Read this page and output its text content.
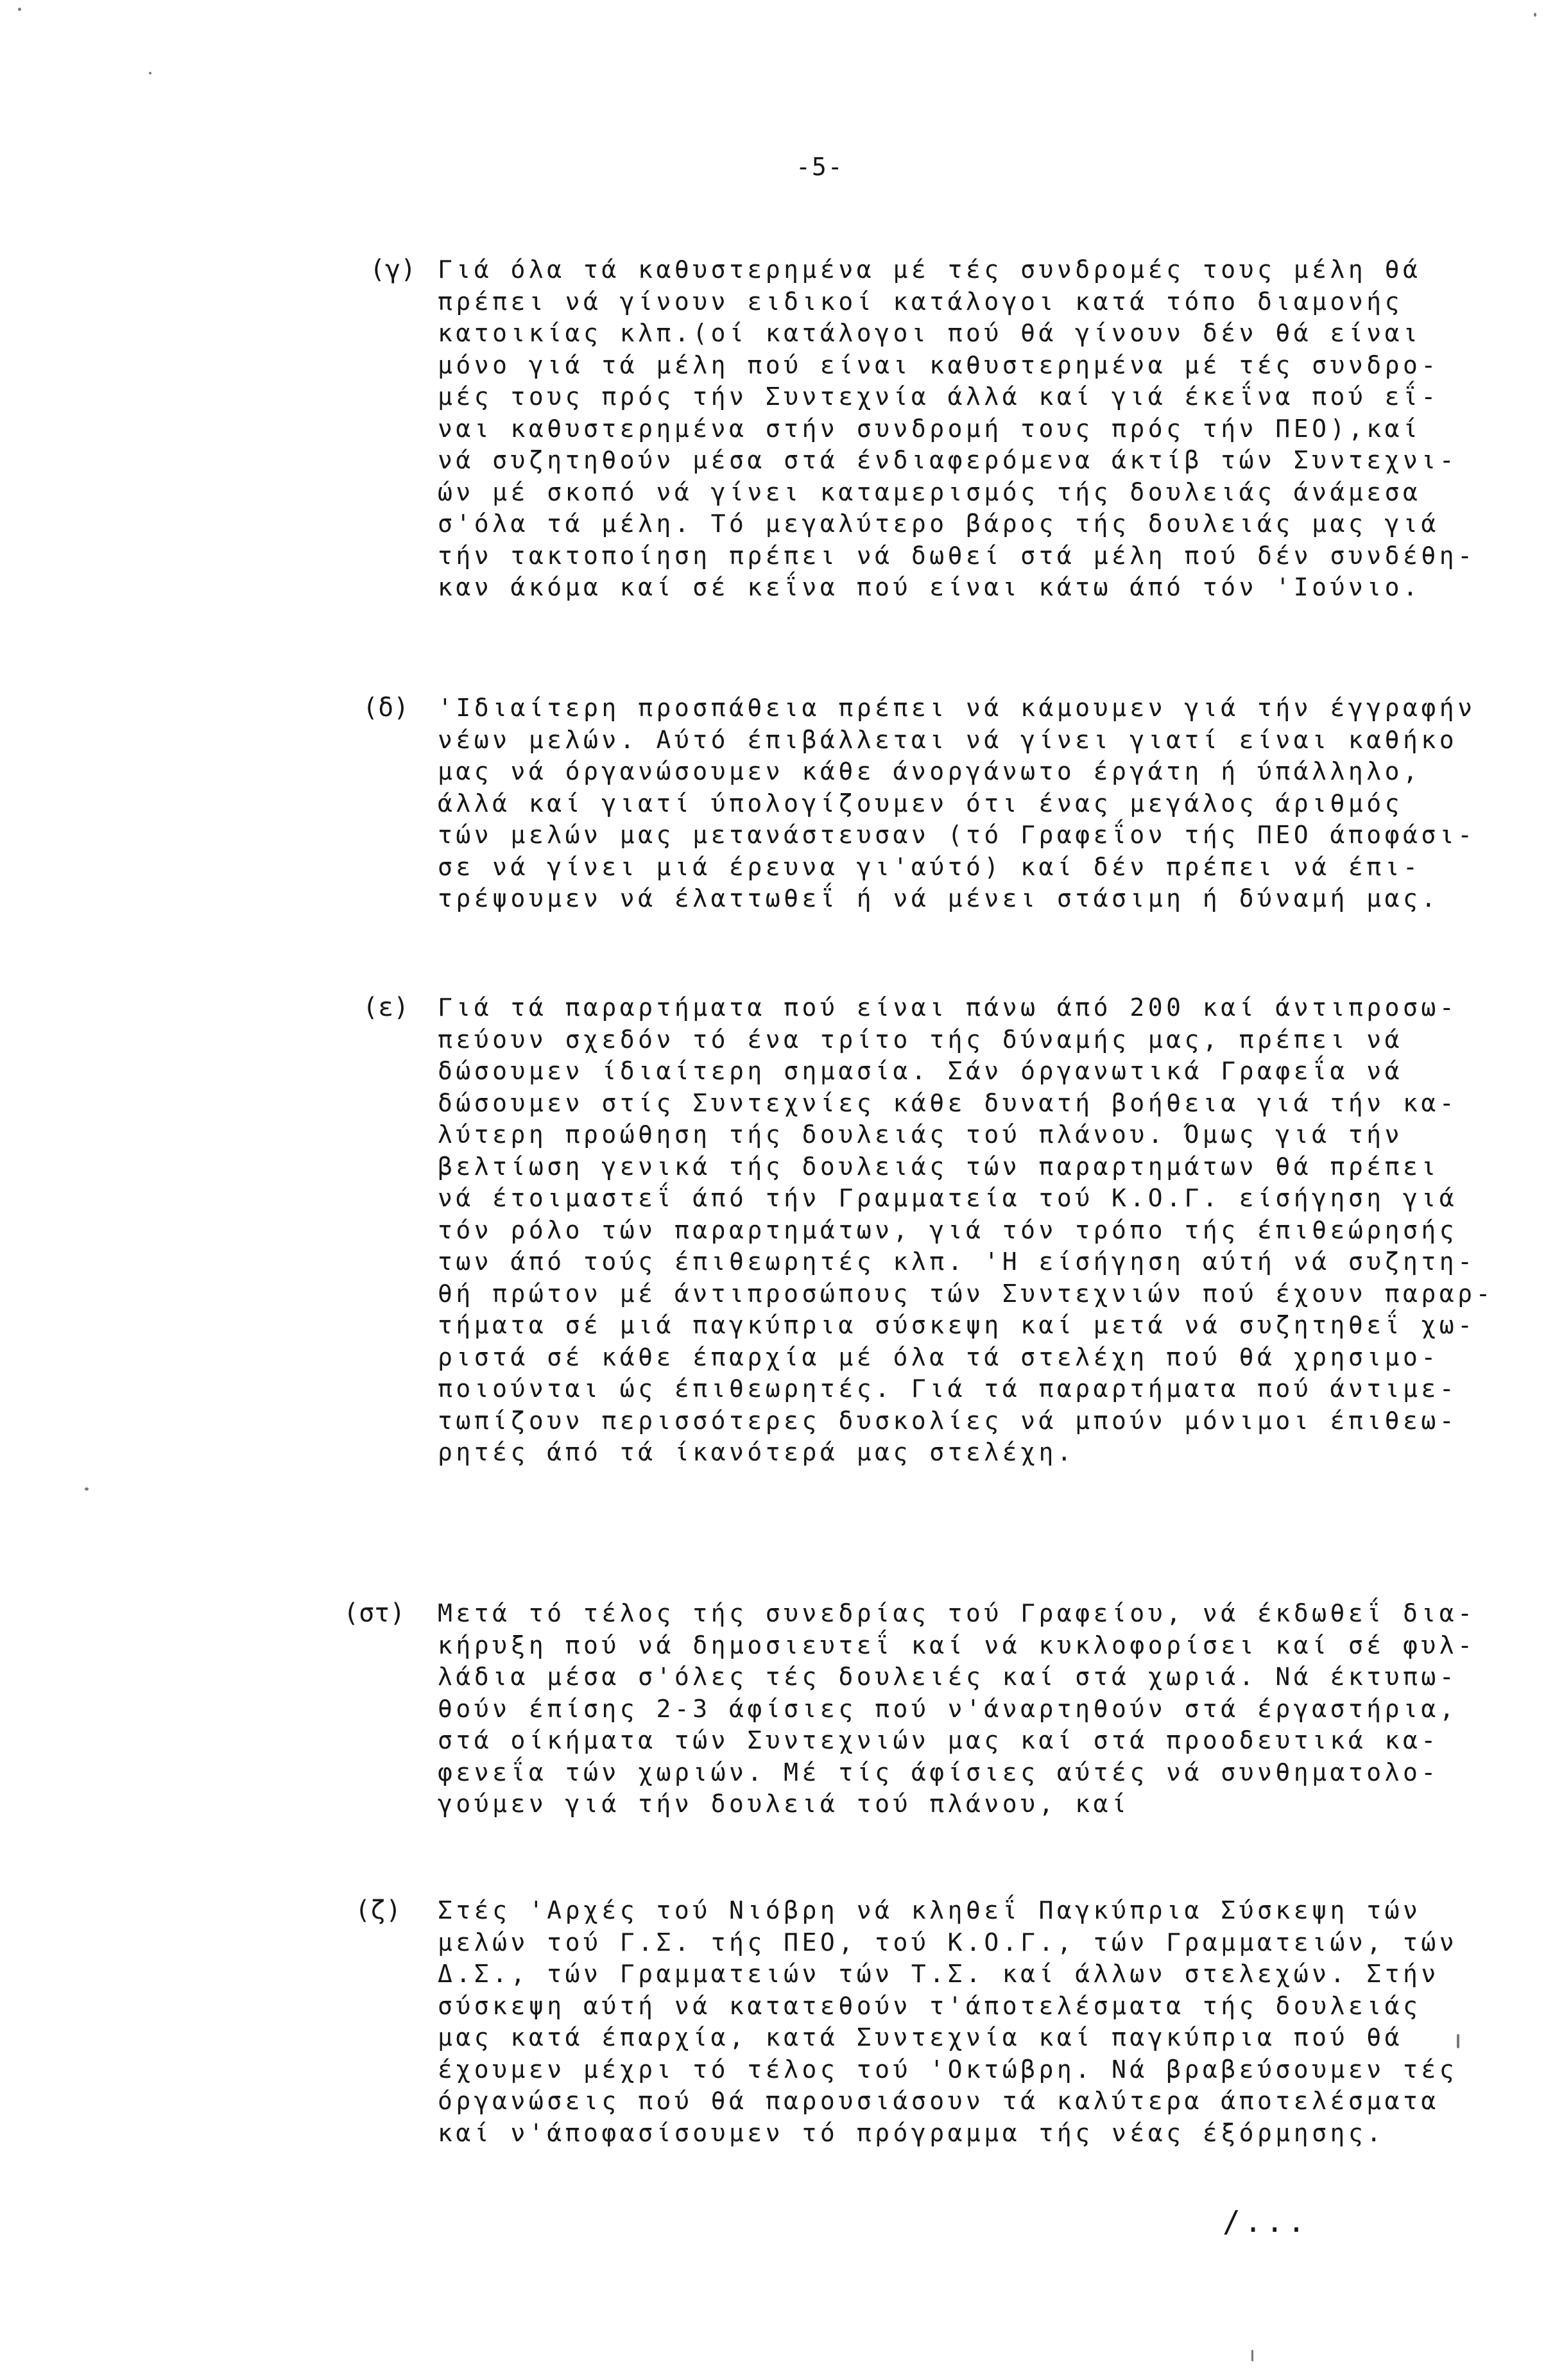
-5-
(γ) Γιά όλα τά καθυστερημένα μέ τές συνδρομές τους μέλη θά
πρέπει νά γίνουν ειδικοί κατάλογοι κατά τόπο διαμονής
κατοικίας κλπ.(οί κατάλογοι πού θά γίνουν δέν θά είναι
μόνο γιά τά μέλη πού είναι καθυστερημένα μέ τές συνδρο-
μές τους πρός τήν Συντεχνία άλλά καί γιά έκεΐνα πού εΐ-
ναι καθυστερημένα στήν συνδρομή τους πρός τήν ΠΕΟ),καί
νά συζητηθούν μέσα στά ένδιαφερόμενα άκτίβ τών Συντεχνι-
ών μέ σκοπό νά γίνει καταμερισμός τής δουλειάς άνάμεσα
σ'όλα τά μέλη. Τό μεγαλύτερο βάρος τής δουλειάς μας γιά
τήν τακτοποίηση πρέπει νά δωθεί στά μέλη πού δέν συνδέθη-
καν άκόμα καί σέ κεΐνα πού είναι κάτω άπό τόν 'Ιούνιο.
(δ) 'Ιδιαίτερη προσπάθεια πρέπει νά κάμουμεν γιά τήν έγγραφήν
νέων μελών. Αύτό έπιβάλλεται νά γίνει γιατί είναι καθήκο
μας νά όργανώσουμεν κάθε άνοργάνωτο έργάτη ή ύπάλληλο,
άλλά καί γιατί ύπολογίζουμεν ότι ένας μεγάλος άριθμός
τών μελών μας μετανάστευσαν (τό Γραφεΐον τής ΠΕΟ άποφάσι-
σε νά γίνει μιά έρευνα γι'αύτό) καί δέν πρέπει νά έπι-
τρέψουμεν νά έλαττωθεΐ ή νά μένει στάσιμη ή δύναμή μας.
(ε) Γιά τά παραρτήματα πού είναι πάνω άπό 200 καί άντιπροσω-
πεύουν σχεδόν τό ένα τρίτο τής δύναμής μας, πρέπει νά
δώσουμεν ίδιαίτερη σημασία. Σάν όργανωτικά Γραφεΐα νά
δώσουμεν στίς Συντεχνίες κάθε δυνατή βοήθεια γιά τήν κα-
λύτερη προώθηση τής δουλειάς τού πλάνου. Όμως γιά τήν
βελτίωση γενικά τής δουλειάς τών παραρτημάτων θά πρέπει
νά έτοιμαστεΐ άπό τήν Γραμματεία τού Κ.Ο.Γ. είσήγηση γιά
τόν ρόλο τών παραρτημάτων, γιά τόν τρόπο τής έπιθεώρησής
των άπό τούς έπιθεωρητές κλπ. 'Η είσήγηση αύτή νά συζητη-
θή πρώτον μέ άντιπροσώπους τών Συντεχνιών πού έχουν παραρ-
τήματα σέ μιά παγκύπρια σύσκεψη καί μετά νά συζητηθεΐ χω-
ριστά σέ κάθε έπαρχία μέ όλα τά στελέχη πού θά χρησιμο-
ποιούνται ώς έπιθεωρητές. Γιά τά παραρτήματα πού άντιμε-
τωπίζουν περισσότερες δυσκολίες νά μπούν μόνιμοι έπιθεω-
ρητές άπό τά ίκανότερά μας στελέχη.
(στ) Μετά τό τέλος τής συνεδρίας τού Γραφείου, νά έκδωθεΐ δια-
κήρυξη πού νά δημοσιευτεΐ καί νά κυκλοφορίσει καί σέ φυλ-
λάδια μέσα σ'όλες τές δουλειές καί στά χωριά. Νά έκτυπω-
θούν έπίσης 2-3 άφίσιες πού ν'άναρτηθούν στά έργαστήρια,
στά οίκήματα τών Συντεχνιών μας καί στά προοδευτικά κα-
φενεΐα τών χωριών. Μέ τίς άφίσιες αύτές νά συνθηματολο-
γούμεν γιά τήν δουλειά τού πλάνου, καί
(ζ) Στές 'Αρχές τού Νιόβρη νά κληθεΐ Παγκύπρια Σύσκεψη τών
μελών τού Γ.Σ. τής ΠΕΟ, τού Κ.Ο.Γ., τών Γραμματειών, τών
Δ.Σ., τών Γραμματειών τών Τ.Σ. καί άλλων στελεχών. Στήν
σύσκεψη αύτή νά κατατεθούν τ'άποτελέσματα τής δουλειάς
μας κατά έπαρχία, κατά Συντεχνία καί παγκύπρια πού θά
έχουμεν μέχρι τό τέλος τού 'Οκτώβρη. Νά βραβεύσουμεν τές
όργανώσεις πού θά παρουσιάσουν τά καλύτερα άποτελέσματα
καί ν'άποφασίσουμεν τό πρόγραμμα τής νέας έξόρμησης.
/...
